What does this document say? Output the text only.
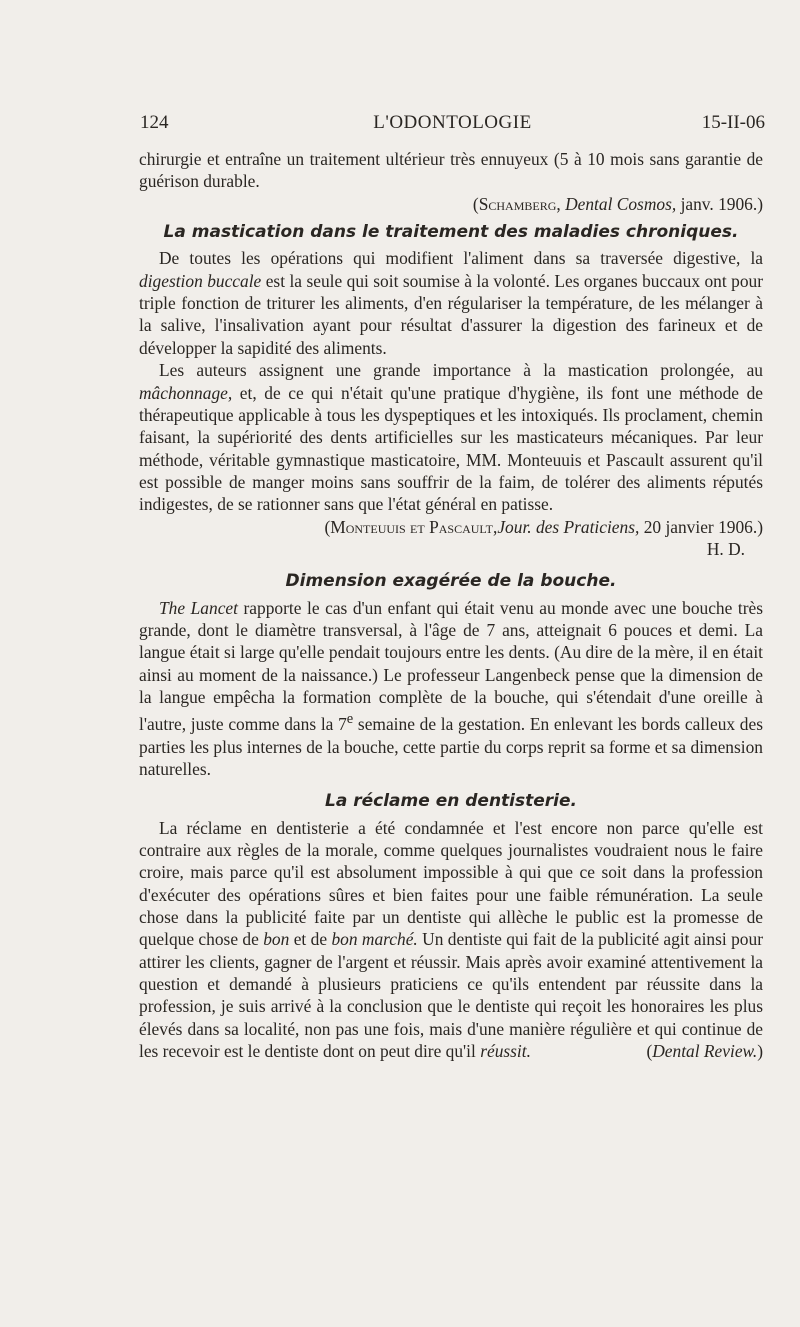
124	L'ODONTOLOGIE	15-II-06

chirurgie et entraîne un traitement ultérieur très ennuyeux (5 à 10 mois sans garantie de guérison durable.

(Schamberg, Dental Cosmos, janv. 1906.)

La mastication dans le traitement des maladies chroniques.

De toutes les opérations qui modifient l'aliment dans sa traversée digestive, la digestion buccale est la seule qui soit soumise à la volonté. Les organes buccaux ont pour triple fonction de triturer les aliments, d'en régulariser la température, de les mélanger à la salive, l'insalivation ayant pour résultat d'assurer la digestion des farineux et de développer la sapidité des aliments.

Les auteurs assignent une grande importance à la mastication prolongée, au mâchonnage, et, de ce qui n'était qu'une pratique d'hygiène, ils font une méthode de thérapeutique applicable à tous les dyspeptiques et les intoxiqués. Ils proclament, chemin faisant, la supériorité des dents artificielles sur les masticateurs mécaniques. Par leur méthode, véritable gymnastique masticatoire, MM. Monteuuis et Pascault assurent qu'il est possible de manger moins sans souffrir de la faim, de tolérer des aliments réputés indigestes, de se rationner sans que l'état général en patisse.

(Monteuuis et Pascault,Jour. des Praticiens, 20 janvier 1906.)

H. D.

Dimension exagérée de la bouche.

The Lancet rapporte le cas d'un enfant qui était venu au monde avec une bouche très grande, dont le diamètre transversal, à l'âge de 7 ans, atteignait 6 pouces et demi. La langue était si large qu'elle pendait toujours entre les dents. (Au dire de la mère, il en était ainsi au moment de la naissance.) Le professeur Langenbeck pense que la dimension de la langue empêcha la formation complète de la bouche, qui s'étendait d'une oreille à l'autre, juste comme dans la 7e semaine de la gestation. En enlevant les bords calleux des parties les plus internes de la bouche, cette partie du corps reprit sa forme et sa dimension naturelles.

La réclame en dentisterie.

La réclame en dentisterie a été condamnée et l'est encore non parce qu'elle est contraire aux règles de la morale, comme quelques journalistes voudraient nous le faire croire, mais parce qu'il est absolument impossible à qui que ce soit dans la profession d'exécuter des opérations sûres et bien faites pour une faible rémunération. La seule chose dans la publicité faite par un dentiste qui allèche le public est la promesse de quelque chose de bon et de bon marché. Un dentiste qui fait de la publicité agit ainsi pour attirer les clients, gagner de l'argent et réussir. Mais après avoir examiné attentivement la question et demandé à plusieurs praticiens ce qu'ils entendent par réussite dans la profession, je suis arrivé à la conclusion que le dentiste qui reçoit les honoraires les plus élevés dans sa localité, non pas une fois, mais d'une manière régulière et qui continue de les recevoir est le dentiste dont on peut dire qu'il réussit.	(Dental Review.)
